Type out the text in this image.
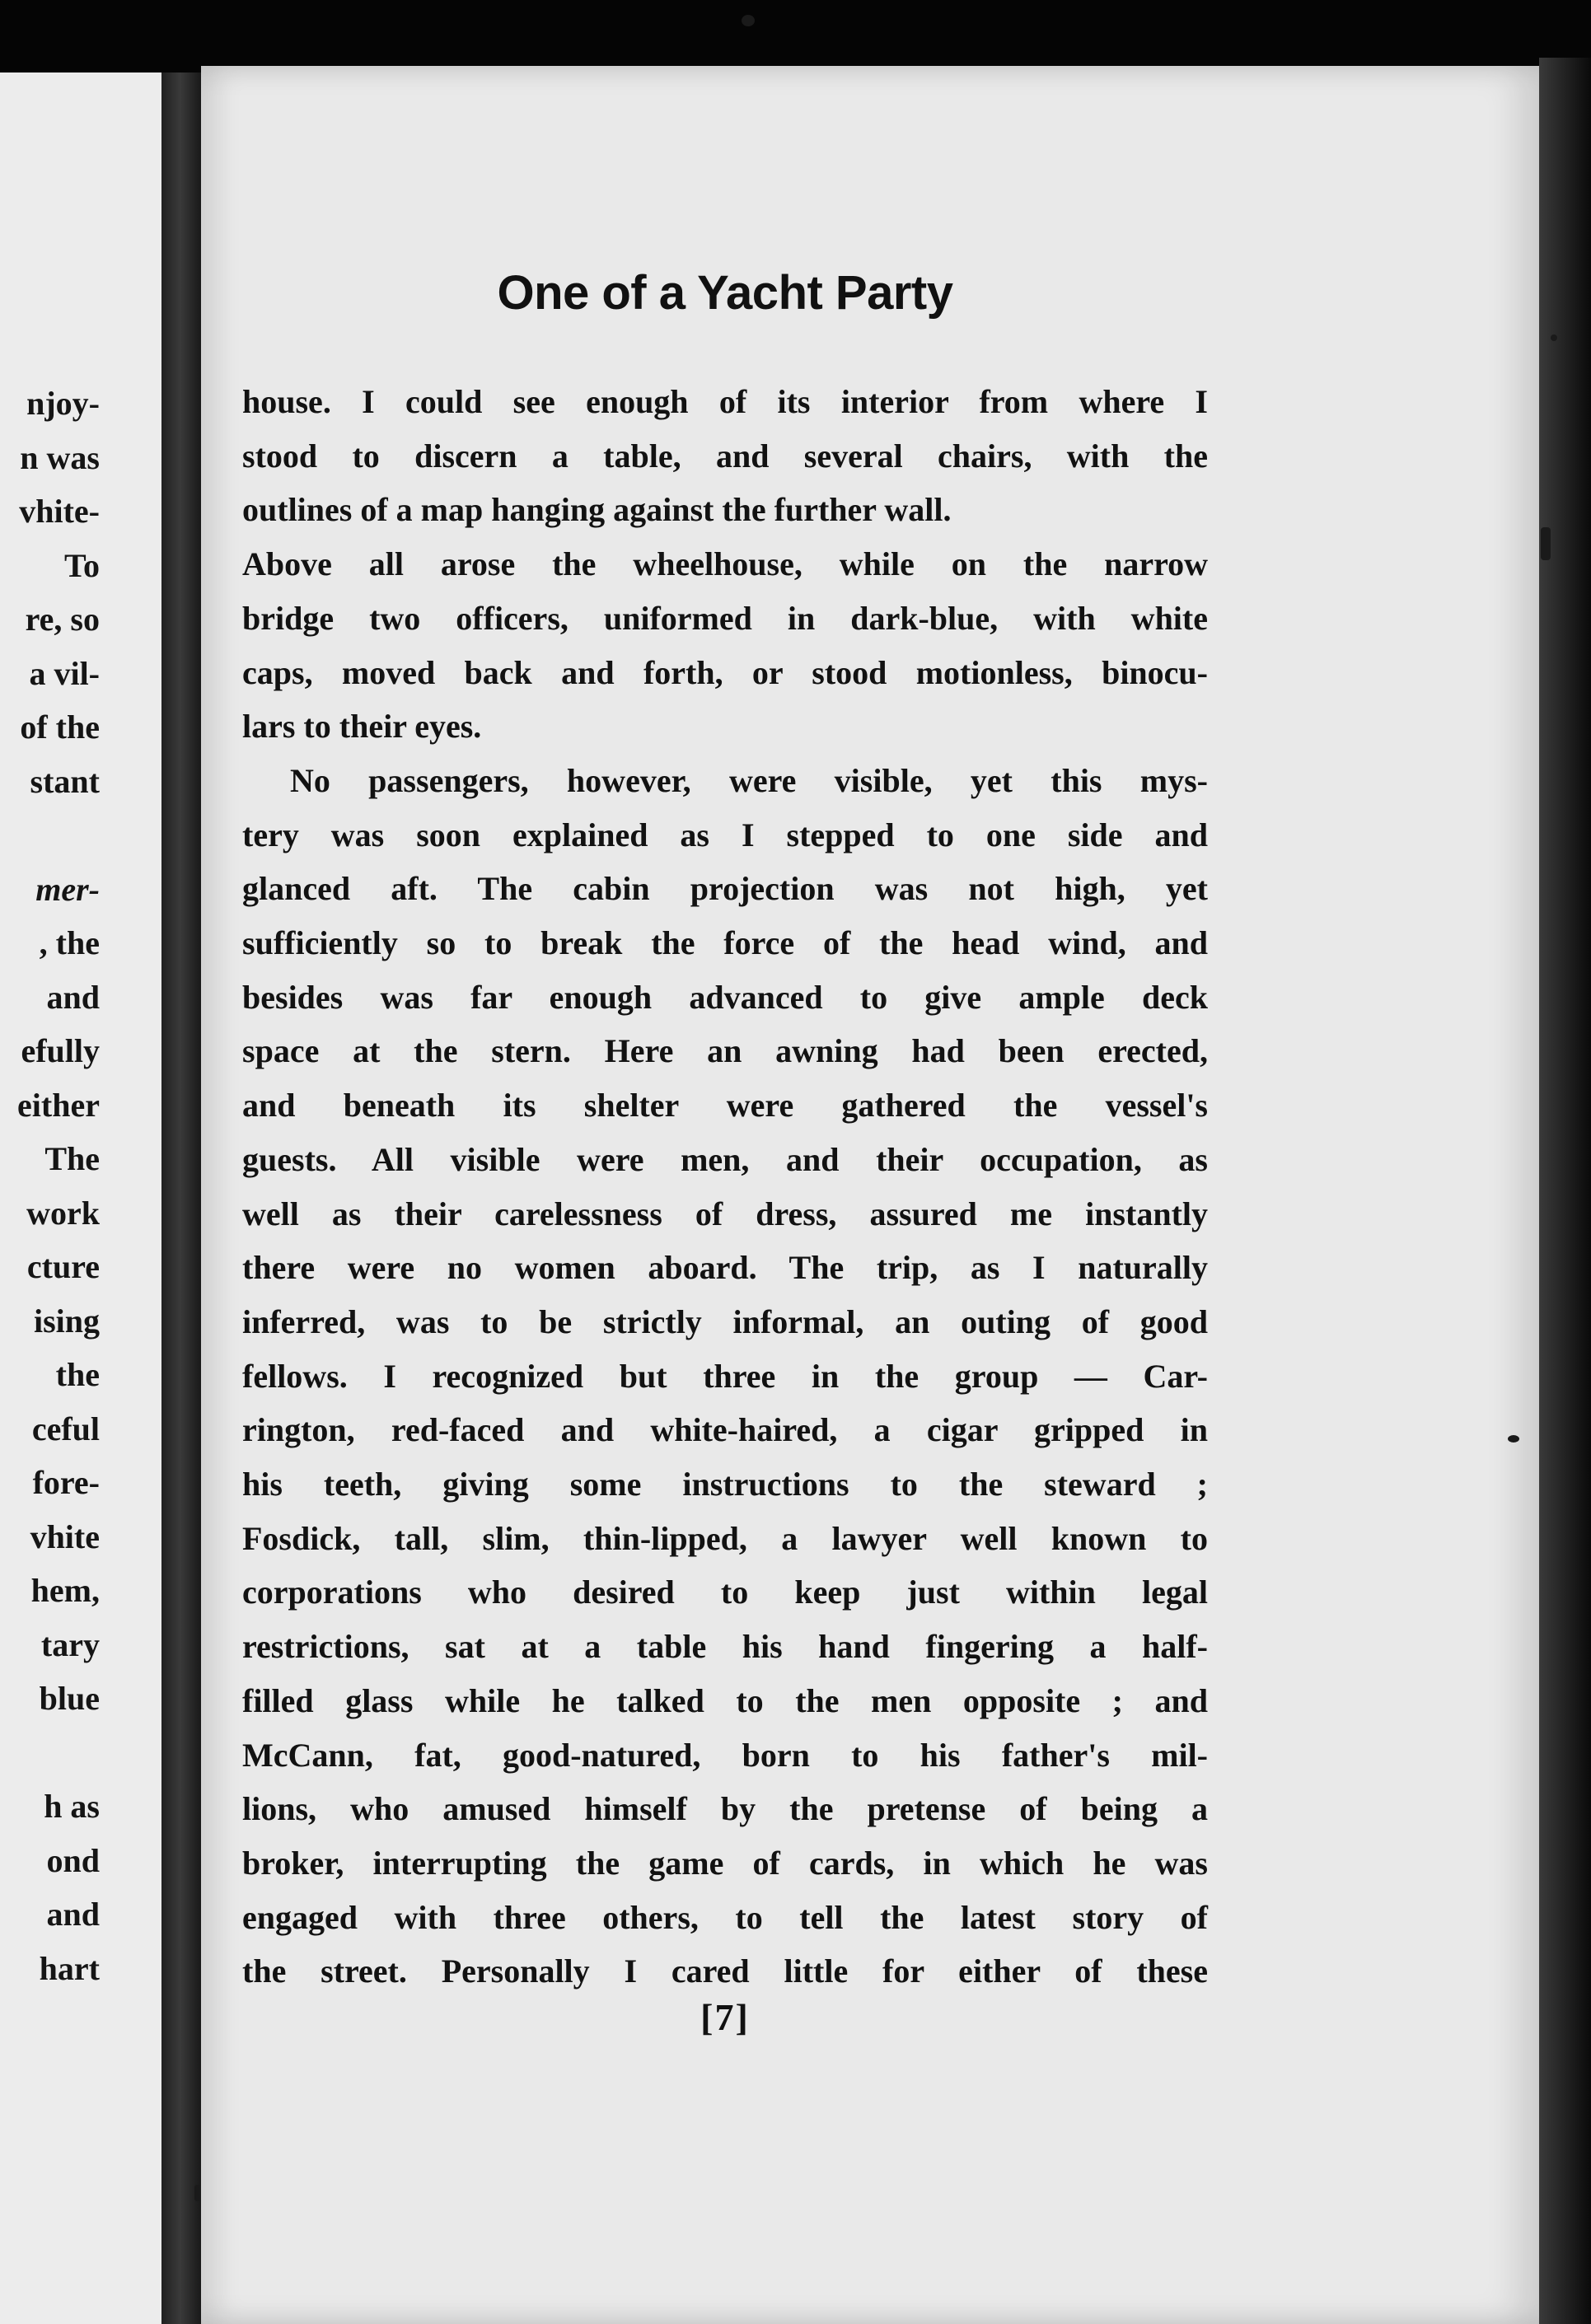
njoy-
n was
vhite-
To
re, so
a vil-
of the
stant
mer-
, the
and
efully
either
The
work
cture
ising
the
ceful
fore-
vhite
hem,
tary
blue
h as
ond
and
hart
One of a Yacht Party
house. I could see enough of its interior from where I
stood to discern a table, and several chairs, with the
outlines of a map hanging against the further wall.
Above all arose the wheelhouse, while on the narrow
bridge two officers, uniformed in dark-blue, with white
caps, moved back and forth, or stood motionless, binocu-
lars to their eyes.
No passengers, however, were visible, yet this mys-
tery was soon explained as I stepped to one side and
glanced aft. The cabin projection was not high, yet
sufficiently so to break the force of the head wind, and
besides was far enough advanced to give ample deck
space at the stern. Here an awning had been erected,
and beneath its shelter were gathered the vessel's
guests. All visible were men, and their occupation, as
well as their carelessness of dress, assured me instantly
there were no women aboard. The trip, as I naturally
inferred, was to be strictly informal, an outing of good
fellows. I recognized but three in the group — Car-
rington, red-faced and white-haired, a cigar gripped in
his teeth, giving some instructions to the steward ;
Fosdick, tall, slim, thin-lipped, a lawyer well known to
corporations who desired to keep just within legal
restrictions, sat at a table his hand fingering a half-
filled glass while he talked to the men opposite ; and
McCann, fat, good-natured, born to his father's mil-
lions, who amused himself by the pretense of being a
broker, interrupting the game of cards, in which he was
engaged with three others, to tell the latest story of
the street. Personally I cared little for either of these
[7]
